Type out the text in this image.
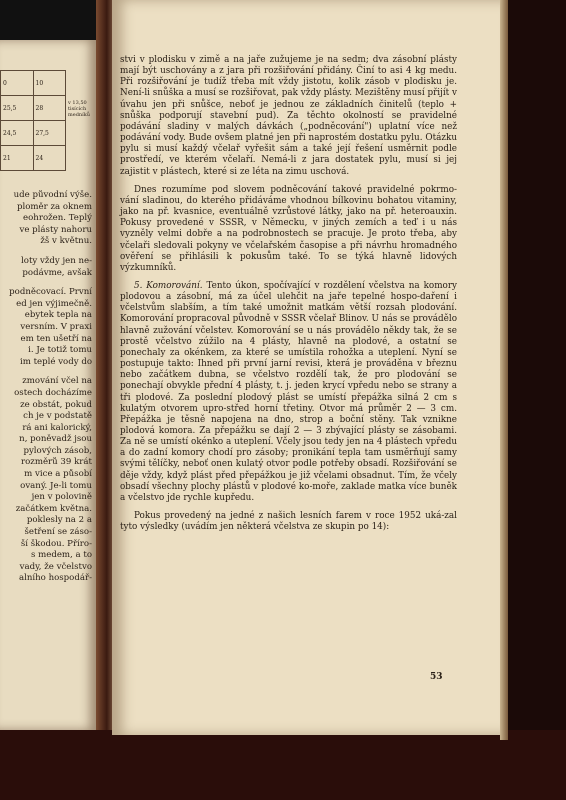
0	10
25,5	28
24,5	27,5
21	24
v 13,50 tisících medníků
ude původní výše.
ploměr za oknem
eohrožen. Teplý
ve plásty nahoru
žš v květnu.
loty vždy jen ne-
podávme, avšak
podněcovací. První
ed jen výjimečně.
ebytek tepla na
versním. V praxi
em ten ušetří na
i. Je totiž tomu
im teplé vody do
zmování včel na
ostech docházíme
ze obstát, pokud
ch je v podstatě
rá ani kalorický,
n, poněvadž jsou
pylových zásob,
rozměrů 39 krát
m vice a působí
ovaný. Je-li tomu
jen v polovině
začátkem května.
poklesly na 2 a
šetření se záso-
ší škodou. Příro-
s medem, a to
vady, že včelstvo
alního hospodář-

stvi v plodisku v zimě a na jaře zužujeme je na sedm; dva zásobní plásty mají být uschovány a z jara při rozšiřování přidány. Činí to asi 4 kg medu. Při rozšiřování je tudíž třeba mít vždy jistotu, kolik zásob v plodisku je. Není-li snůška a musí se rozšiřovat, pak vždy plásty. Mezištěny musí přijít v úvahu jen při snůšce, neboť je jednou ze základních činitelů (teplo + snůška podporují stavební pud). Za těchto okolností se pravidelné podávání sladiny v malých dávkách („podněcování") uplatní více než podávání vody. Bude ovšem platné jen při naprostém dostatku pylu. Otázku pylu si musí každý včelař vyřešit sám a také její řešení usměrnit podle prostředí, ve kterém včelaří. Nemá-li z jara dostatek pylu, musí si jej zajistit v plástech, které si ze léta na zimu uschová.

Dnes rozumíme pod slovem podněcování takové pravidelné pokrmo-vání sladinou, do kterého přidáváme vhodnou bílkovinu bohatou vitaminy, jako na př. kvasnice, eventuálně vzrůstové látky, jako na př. heteroauxin. Pokusy provedené v SSSR, v Německu, v jiných zemích a teď i u nás vyzněly velmi dobře a na podrobnostech se pracuje. Je proto třeba, aby včelaři sledovali pokyny ve včelařském časopise a při návrhu hromadného ověření se přihlásili k pokusům také. To se týká hlavně lidových výzkumníků.

5. Komorování. Tento úkon, spočívající v rozdělení včelstva na komory plodovou a zásobní, má za účel ulehčit na jaře tepelné hospo-daření i včelstvům slabším, a tím také umožnit matkám větší rozsah plodování. Komorování propracoval původně v SSSR včelař Blinov. U nás se provádělo hlavně zužování včelstev. Komorování se u nás provádělo někdy tak, že se prostě včelstvo zúžilo na 4 plásty, hlavně na plodové, a ostatní se ponechaly za okénkem, za které se umístila rohožka a uteplení. Nyní se postupuje takto: Ihned při první jarní revisi, která je prováděna v březnu nebo začátkem dubna, se včelstvo rozdělí tak, že pro plodování se ponechají obvykle přední 4 plásty, t. j. jeden krycí vpředu nebo se strany a tři plodové. Za poslední plodový plást se umístí přepážka silná 2 cm s kulatým otvorem upro-střed horní třetiny. Otvor má průměr 2 — 3 cm. Přepážka je těsně napojena na dno, strop a boční stěny. Tak vznikne plodová komora. Za přepážku se dají 2 — 3 zbývající plásty se zásobami. Za ně se umístí okénko a uteplení. Včely jsou tedy jen na 4 plástech vpředu a do zadní komory chodí pro zásoby; pronikání tepla tam usměrňují samy svými tělíčky, neboť onen kulatý otvor podle potřeby obsadí. Rozšiřování se děje vždy, když plást před přepážkou je již včelami obsadnut. Tím, že včely obsadí všechny plochy plástů v plodové ko-moře, zaklade matka více buněk a včelstvo jde rychle kupředu.

Pokus provedený na jedné z našich lesních farem v roce 1952 uká-zal tyto výsledky (uvádím jen některá včelstva ze skupin po 14):

53
